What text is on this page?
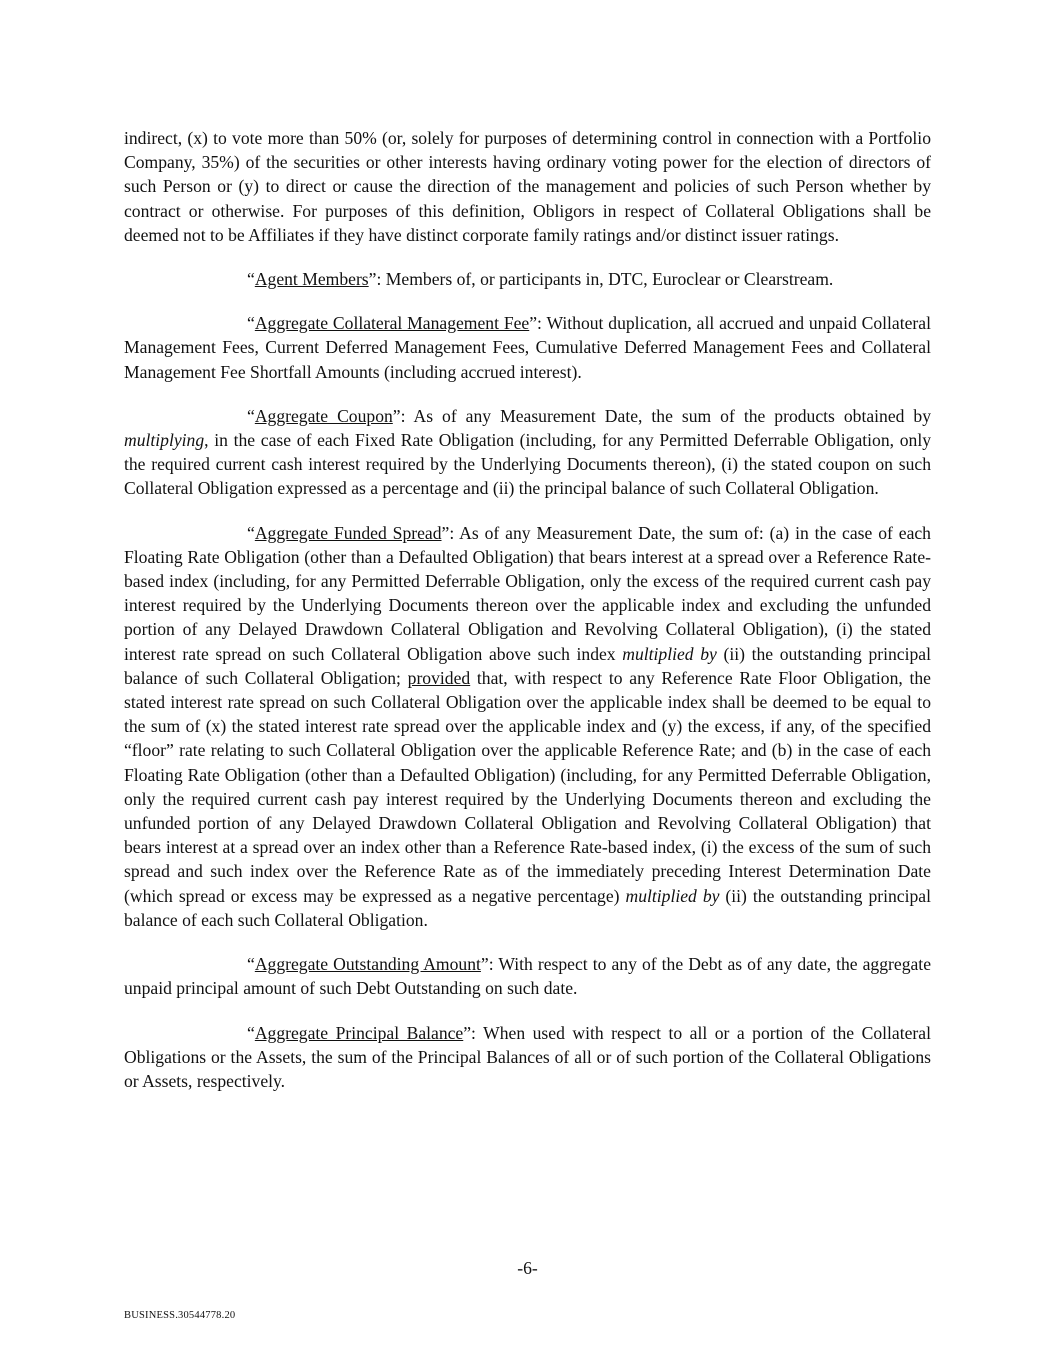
indirect, (x) to vote more than 50% (or, solely for purposes of determining control in connection with a Portfolio Company, 35%) of the securities or other interests having ordinary voting power for the election of directors of such Person or (y) to direct or cause the direction of the management and policies of such Person whether by contract or otherwise. For purposes of this definition, Obligors in respect of Collateral Obligations shall be deemed not to be Affiliates if they have distinct corporate family ratings and/or distinct issuer ratings.

“Agent Members”: Members of, or participants in, DTC, Euroclear or Clearstream.

“Aggregate Collateral Management Fee”: Without duplication, all accrued and unpaid Collateral Management Fees, Current Deferred Management Fees, Cumulative Deferred Management Fees and Collateral Management Fee Shortfall Amounts (including accrued interest).

“Aggregate Coupon”: As of any Measurement Date, the sum of the products obtained by multiplying, in the case of each Fixed Rate Obligation (including, for any Permitted Deferrable Obligation, only the required current cash interest required by the Underlying Documents thereon), (i) the stated coupon on such Collateral Obligation expressed as a percentage and (ii) the principal balance of such Collateral Obligation.

“Aggregate Funded Spread”: As of any Measurement Date, the sum of: (a) in the case of each Floating Rate Obligation (other than a Defaulted Obligation) that bears interest at a spread over a Reference Rate-based index (including, for any Permitted Deferrable Obligation, only the excess of the required current cash pay interest required by the Underlying Documents thereon over the applicable index and excluding the unfunded portion of any Delayed Drawdown Collateral Obligation and Revolving Collateral Obligation), (i) the stated interest rate spread on such Collateral Obligation above such index multiplied by (ii) the outstanding principal balance of such Collateral Obligation; provided that, with respect to any Reference Rate Floor Obligation, the stated interest rate spread on such Collateral Obligation over the applicable index shall be deemed to be equal to the sum of (x) the stated interest rate spread over the applicable index and (y) the excess, if any, of the specified “floor” rate relating to such Collateral Obligation over the applicable Reference Rate; and (b) in the case of each Floating Rate Obligation (other than a Defaulted Obligation) (including, for any Permitted Deferrable Obligation, only the required current cash pay interest required by the Underlying Documents thereon and excluding the unfunded portion of any Delayed Drawdown Collateral Obligation and Revolving Collateral Obligation) that bears interest at a spread over an index other than a Reference Rate-based index, (i) the excess of the sum of such spread and such index over the Reference Rate as of the immediately preceding Interest Determination Date (which spread or excess may be expressed as a negative percentage) multiplied by (ii) the outstanding principal balance of each such Collateral Obligation.

“Aggregate Outstanding Amount”: With respect to any of the Debt as of any date, the aggregate unpaid principal amount of such Debt Outstanding on such date.

“Aggregate Principal Balance”: When used with respect to all or a portion of the Collateral Obligations or the Assets, the sum of the Principal Balances of all or of such portion of the Collateral Obligations or Assets, respectively.

-6-
BUSINESS.30544778.20
